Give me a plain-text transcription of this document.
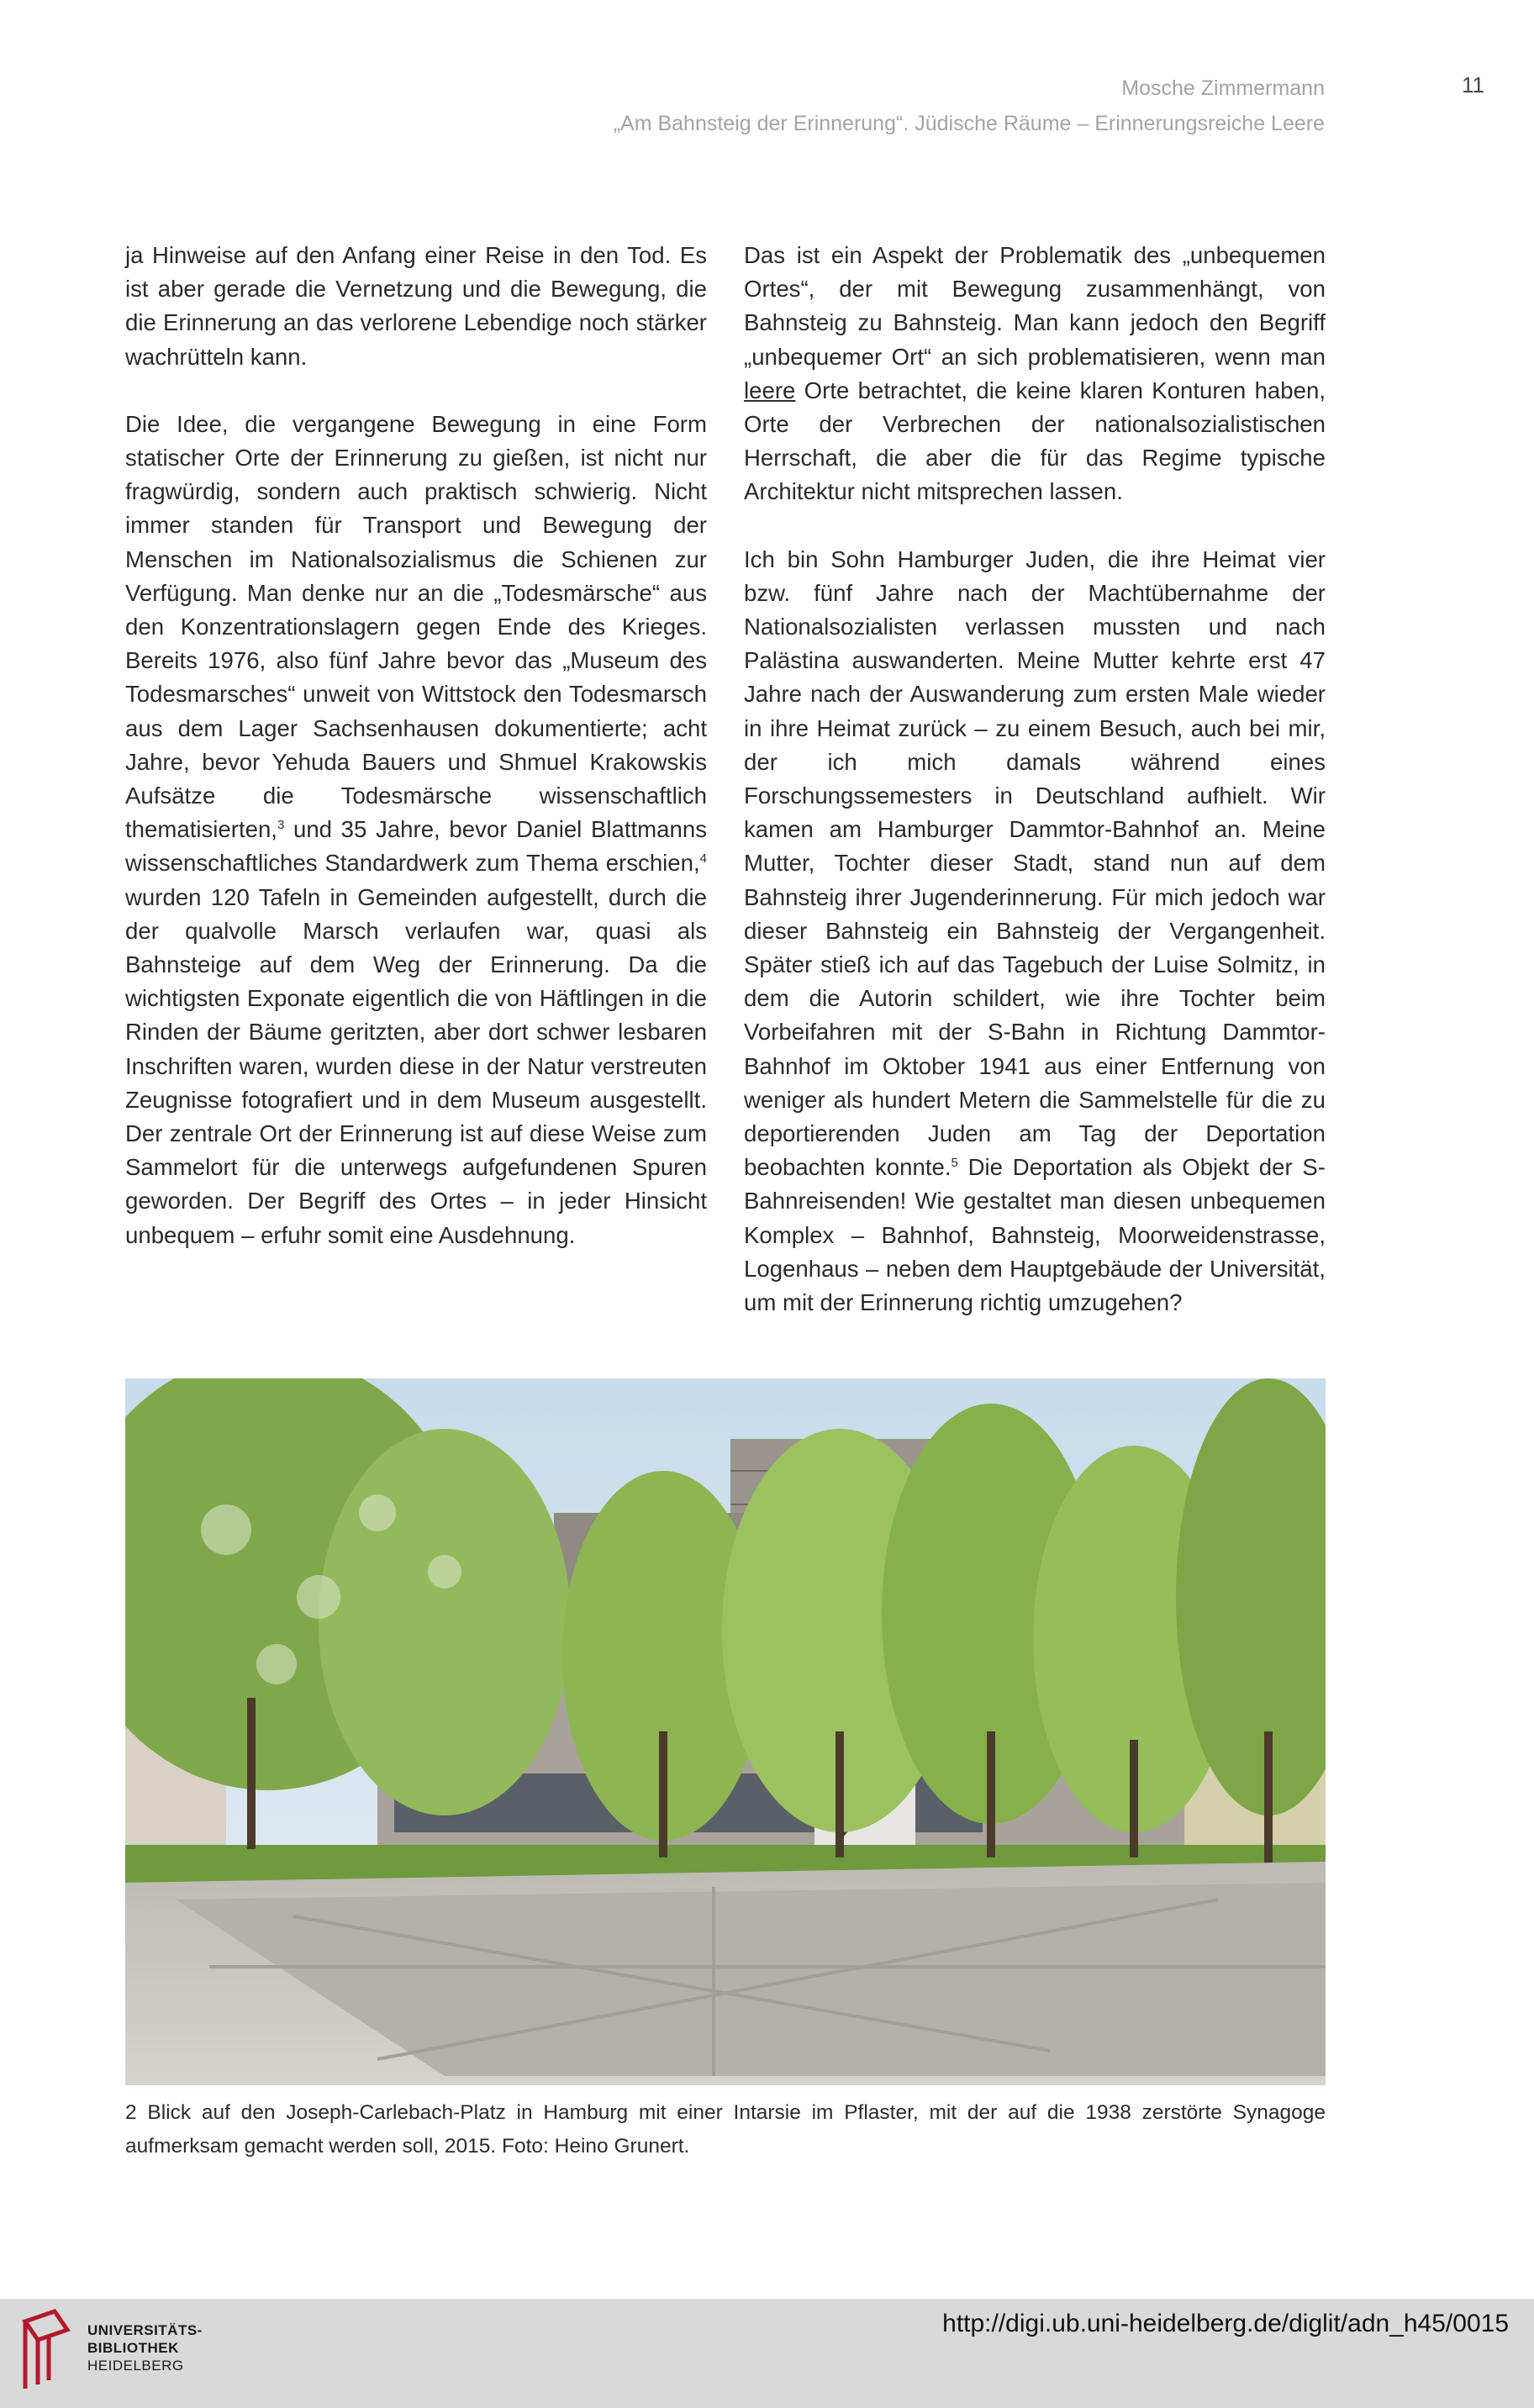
Mosche Zimmermann
„Am Bahnsteig der Erinnerung“. Jüdische Räume – Erinnerungsreiche Leere
11

ja Hinweise auf den Anfang einer Reise in den Tod. Es ist aber gerade die Vernetzung und die Bewegung, die die Erinnerung an das verlorene Lebendige noch stärker wachrütteln kann.

Die Idee, die vergangene Bewegung in eine Form statischer Orte der Erinnerung zu gießen, ist nicht nur fragwürdig, sondern auch praktisch schwierig. Nicht immer standen für Transport und Bewegung der Menschen im Nationalsozialismus die Schienen zur Verfügung. Man denke nur an die „Todesmärsche“ aus den Konzentrationslagern gegen Ende des Krieges. Bereits 1976, also fünf Jahre bevor das „Museum des Todesmarsches“ unweit von Wittstock den Todesmarsch aus dem Lager Sachsenhausen dokumentierte; acht Jahre, bevor Yehuda Bauers und Shmuel Krakowskis Aufsätze die Todesmärsche wissenschaftlich thematisierten,$^3$ und 35 Jahre, bevor Daniel Blattmanns wissenschaftliches Standardwerk zum Thema erschien,$^4$ wurden 120 Tafeln in Gemeinden aufgestellt, durch die der qualvolle Marsch verlaufen war, quasi als Bahnsteige auf dem Weg der Erinnerung. Da die wichtigsten Exponate eigentlich die von Häftlingen in die Rinden der Bäume geritzten, aber dort schwer lesbaren Inschriften waren, wurden diese in der Natur verstreuten Zeugnisse fotografiert und in dem Museum ausgestellt. Der zentrale Ort der Erinnerung ist auf diese Weise zum Sammelort für die unterwegs aufgefundenen Spuren geworden. Der Begriff des Ortes – in jeder Hinsicht unbequem – erfuhr somit eine Ausdehnung.

Das ist ein Aspekt der Problematik des „unbequemen Ortes“, der mit Bewegung zusammenhängt, von Bahnsteig zu Bahnsteig. Man kann jedoch den Begriff „unbequemer Ort“ an sich problematisieren, wenn man leere Orte betrachtet, die keine klaren Konturen haben, Orte der Verbrechen der nationalsozialistischen Herrschaft, die aber die für das Regime typische Architektur nicht mitsprechen lassen.

Ich bin Sohn Hamburger Juden, die ihre Heimat vier bzw. fünf Jahre nach der Machtübernahme der Nationalsozialisten verlassen mussten und nach Palästina auswanderten. Meine Mutter kehrte erst 47 Jahre nach der Auswanderung zum ersten Male wieder in ihre Heimat zurück – zu einem Besuch, auch bei mir, der ich mich damals während eines Forschungssemesters in Deutschland aufhielt. Wir kamen am Hamburger Dammtor-Bahnhof an. Meine Mutter, Tochter dieser Stadt, stand nun auf dem Bahnsteig ihrer Jugenderinnerung. Für mich jedoch war dieser Bahnsteig ein Bahnsteig der Vergangenheit. Später stieß ich auf das Tagebuch der Luise Solmitz, in dem die Autorin schildert, wie ihre Tochter beim Vorbeifahren mit der S-Bahn in Richtung Dammtor-Bahnhof im Oktober 1941 aus einer Entfernung von weniger als hundert Metern die Sammelstelle für die zu deportierenden Juden am Tag der Deportation beobachten konnte.$^5$ Die Deportation als Objekt der S-Bahnreisenden! Wie gestaltet man diesen unbequemen Komplex – Bahnhof, Bahnsteig, Moorweidenstrasse, Logenhaus – neben dem Hauptgebäude der Universität, um mit der Erinnerung richtig umzugehen?

2 Blick auf den Joseph-Carlebach-Platz in Hamburg mit einer Intarsie im Pflaster, mit der auf die 1938 zerstörte Synagoge aufmerksam gemacht werden soll, 2015. Foto: Heino Grunert.
UNIVERSITÄTS-
BIBLIOTHEK
HEIDELBERG
http://digi.ub.uni-heidelberg.de/diglit/adn_h45/0015
